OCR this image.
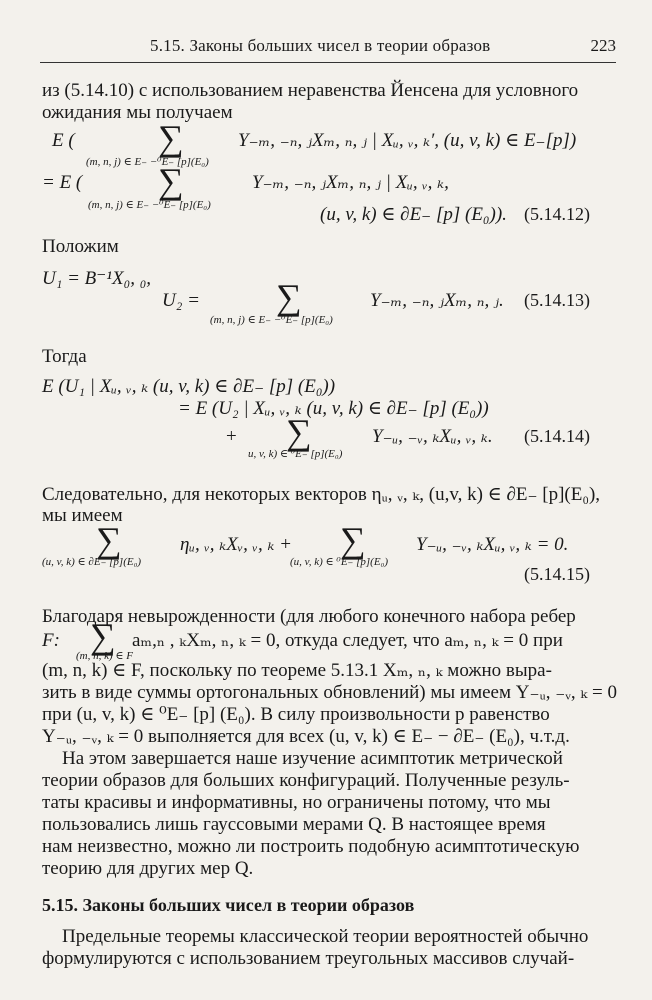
5.15. Законы больших чисел в теории образов	223
из (5.14.10) с использованием неравенства Йенсена для условного
ожидания мы получаем
E ( ∑	Y₋ₘ, ₋ₙ, ⱼXₘ, ₙ, ⱼ | Xᵤ, ᵥ, ₖ′, (u, v, k) ∈ E₋[p])
(m, n, j) ∈ E₋ −⁰E₋ [p](E₀)
= E ( ∑	Y₋ₘ, ₋ₙ, ⱼXₘ, ₙ, ⱼ | Xᵤ, ᵥ, ₖ,
(m, n, j) ∈ E₋ −⁰E₋ [p](E₀)	(u, v, k) ∈ ∂E₋ [p] (E₀)). (5.14.12)
Положим
U₁ = B⁻¹X₀, ₀,
U₂ = ∑	Y₋ₘ, ₋ₙ, ⱼXₘ, ₙ, ⱼ.
(m, n, j) ∈ E₋ −⁰E₋ [p](E₀)
(5.14.13)
Тогда
E (U₁ | Xᵤ, ᵥ, ₖ (u, v, k) ∈ ∂E₋ [p] (E₀))
= E (U₂ | Xᵤ, ᵥ, ₖ (u, v, k) ∈ ∂E₋ [p] (E₀))
+ ∑	Y₋ᵤ, ₋ᵥ, ₖXᵤ, ᵥ, ₖ.
u, v, k) ∈ ⁰E₋ [p](E₀)
(5.14.14)
Следовательно, для некоторых векторов ηᵤ, ᵥ, ₖ, (u,v, k) ∈ ∂E₋ [p](E₀),
мы имеем
∑	ηᵤ, ᵥ, ₖXᵥ, ᵥ, ₖ +
(u, v, k) ∈ ∂E₋ [p](E₀)
∑	Y₋ᵤ, ₋ᵥ, ₖXᵤ, ᵥ, ₖ = 0.
(u, v, k) ∈ ⁰E₋ [p](E₀)
(5.14.15)
Благодаря невырожденности (для любого конечного набора ребер
F: ∑ aₘ,ₙ , ₖXₘ, ₙ, ₖ = 0, откуда следует, что aₘ, ₙ, ₖ = 0 при
(m, n, k) ∈ F
(m, n, k) ∈ F, поскольку по теореме 5.13.1 Xₘ, ₙ, ₖ можно выра-
зить в виде суммы ортогональных обновлений) мы имеем Y₋ᵤ, ₋ᵥ, ₖ = 0
при (u, v, k) ∈ ⁰E₋ [p] (E₀). В силу произвольности p равенство
Y₋ᵤ, ₋ᵥ, ₖ = 0 выполняется для всех (u, v, k) ∈ E₋ − ∂E₋ (E₀), ч.т.д.
На этом завершается наше изучение асимптотик метрической
теории образов для больших конфигураций. Полученные резуль-
таты красивы и информативны, но ограничены потому, что мы
пользовались лишь гауссовыми мерами Q. В настоящее время
нам неизвестно, можно ли построить подобную асимптотическую
теорию для других мер Q.
5.15. Законы больших чисел в теории образов
Предельные теоремы классической теории вероятностей обычно
формулируются с использованием треугольных массивов случай-
